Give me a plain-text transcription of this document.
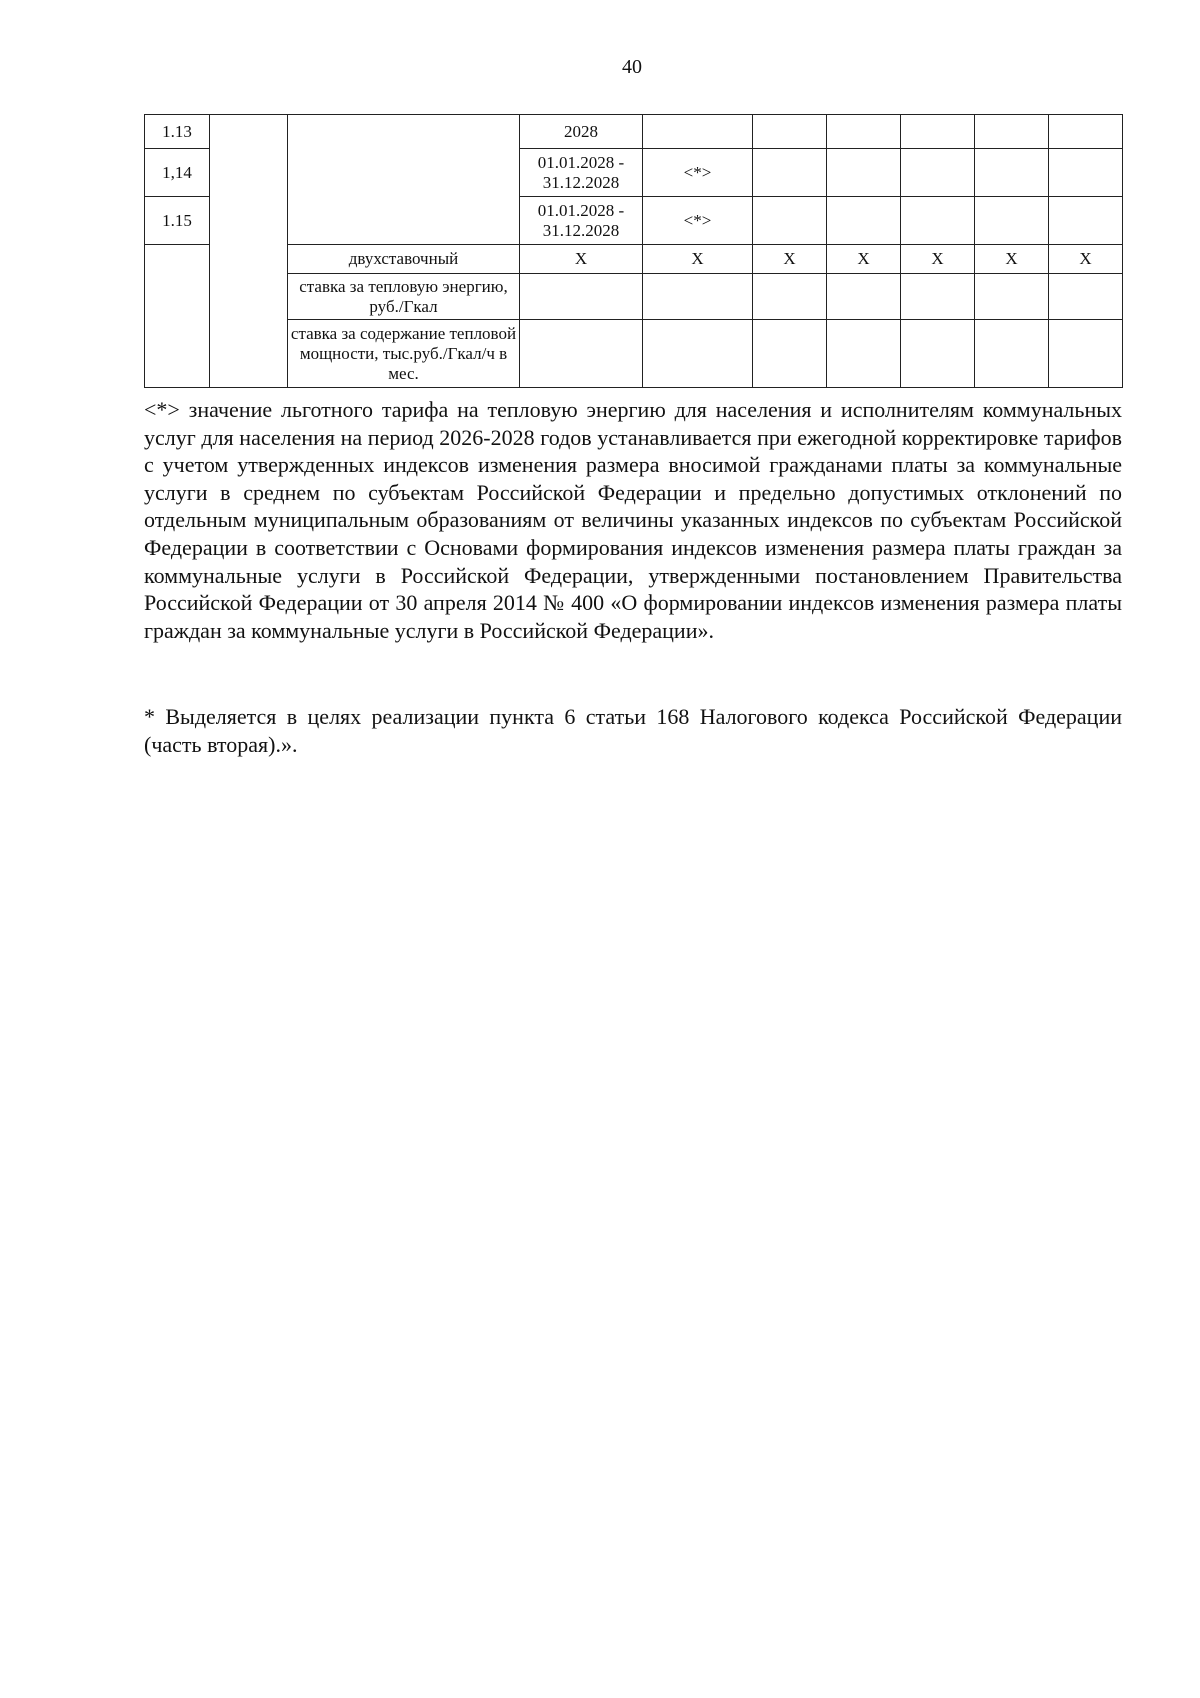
40
1.13			2028						
1,14			01.01.2028 - 31.12.2028	<*>					
1.15			01.01.2028 - 31.12.2028	<*>					
		двухставочный	X	X	X	X	X	X	X
		ставка за тепловую энергию, руб./Гкал							
		ставка за содержание тепловой мощности, тыс.руб./Гкал/ч в мес.							

<*> значение льготного тарифа на тепловую энергию для населения и исполнителям коммунальных услуг для населения на период 2026-2028 годов устанавливается при ежегодной корректировке тарифов с учетом утвержденных индексов изменения размера вносимой гражданами платы за коммунальные услуги в среднем по субъектам Российской Федерации и предельно допустимых отклонений по отдельным муниципальным образованиям от величины указанных индексов по субъектам Российской Федерации в соответствии с Основами формирования индексов изменения размера платы граждан за коммунальные услуги в Российской Федерации, утвержденными постановлением Правительства Российской Федерации от 30 апреля 2014 № 400 «О формировании индексов изменения размера платы граждан за коммунальные услуги в Российской Федерации».

* Выделяется в целях реализации пункта 6 статьи 168 Налогового кодекса Российской Федерации (часть вторая).».
